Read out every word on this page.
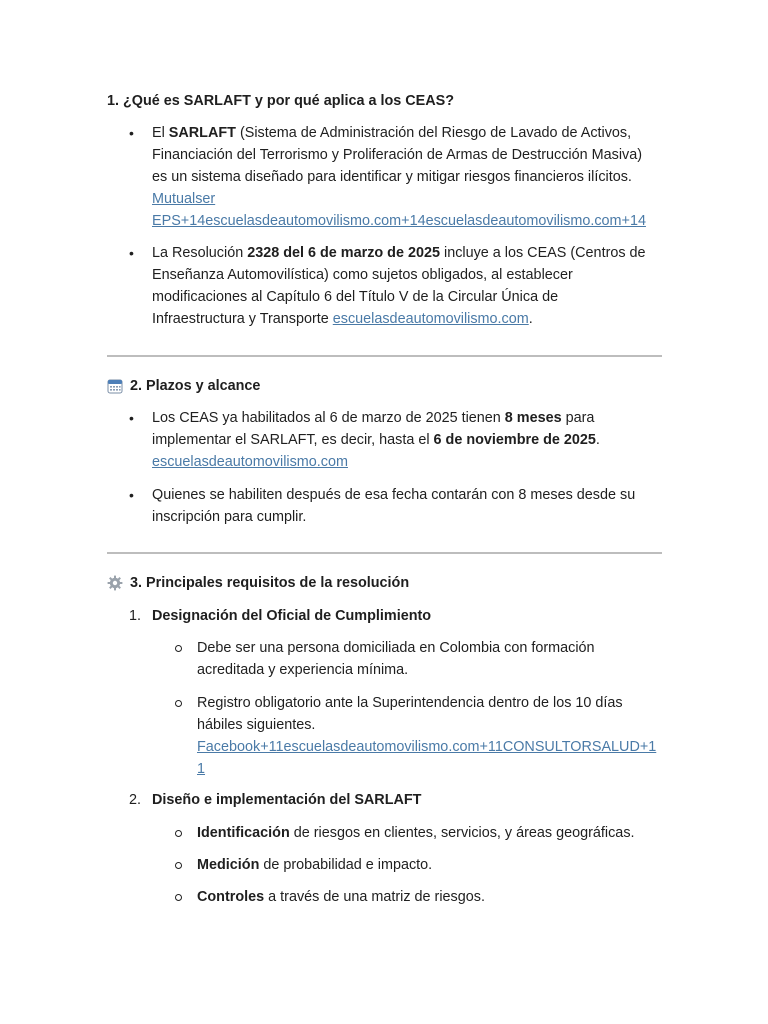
1. ¿Qué es SARLAFT y por qué aplica a los CEAS?
• El SARLAFT (Sistema de Administración del Riesgo de Lavado de Activos,
Financiación del Terrorismo y Proliferación de Armas de Destrucción Masiva)
es un sistema diseñado para identificar y mitigar riesgos financieros ilícitos.
Mutualser
EPS+14escuelasdeautomovilismo.com+14escuelasdeautomovilismo.com+14
• La Resolución 2328 del 6 de marzo de 2025 incluye a los CEAS (Centros de
Enseñanza Automovilística) como sujetos obligados, al establecer
modificaciones al Capítulo 6 del Título V de la Circular Única de
Infraestructura y Transporte escuelasdeautomovilismo.com.
2. Plazos y alcance
• Los CEAS ya habilitados al 6 de marzo de 2025 tienen 8 meses para
implementar el SARLAFT, es decir, hasta el 6 de noviembre de 2025.
escuelasdeautomovilismo.com
• Quienes se habiliten después de esa fecha contarán con 8 meses desde su
inscripción para cumplir.
3. Principales requisitos de la resolución
1. Designación del Oficial de Cumplimiento
Debe ser una persona domiciliada en Colombia con formación
acreditada y experiencia mínima.
Registro obligatorio ante la Superintendencia dentro de los 10 días
hábiles siguientes.
Facebook+11escuelasdeautomovilismo.com+11CONSULTORSALUD+1
1
2. Diseño e implementación del SARLAFT
Identificación de riesgos en clientes, servicios, y áreas geográficas.
Medición de probabilidad e impacto.
Controles a través de una matriz de riesgos.
